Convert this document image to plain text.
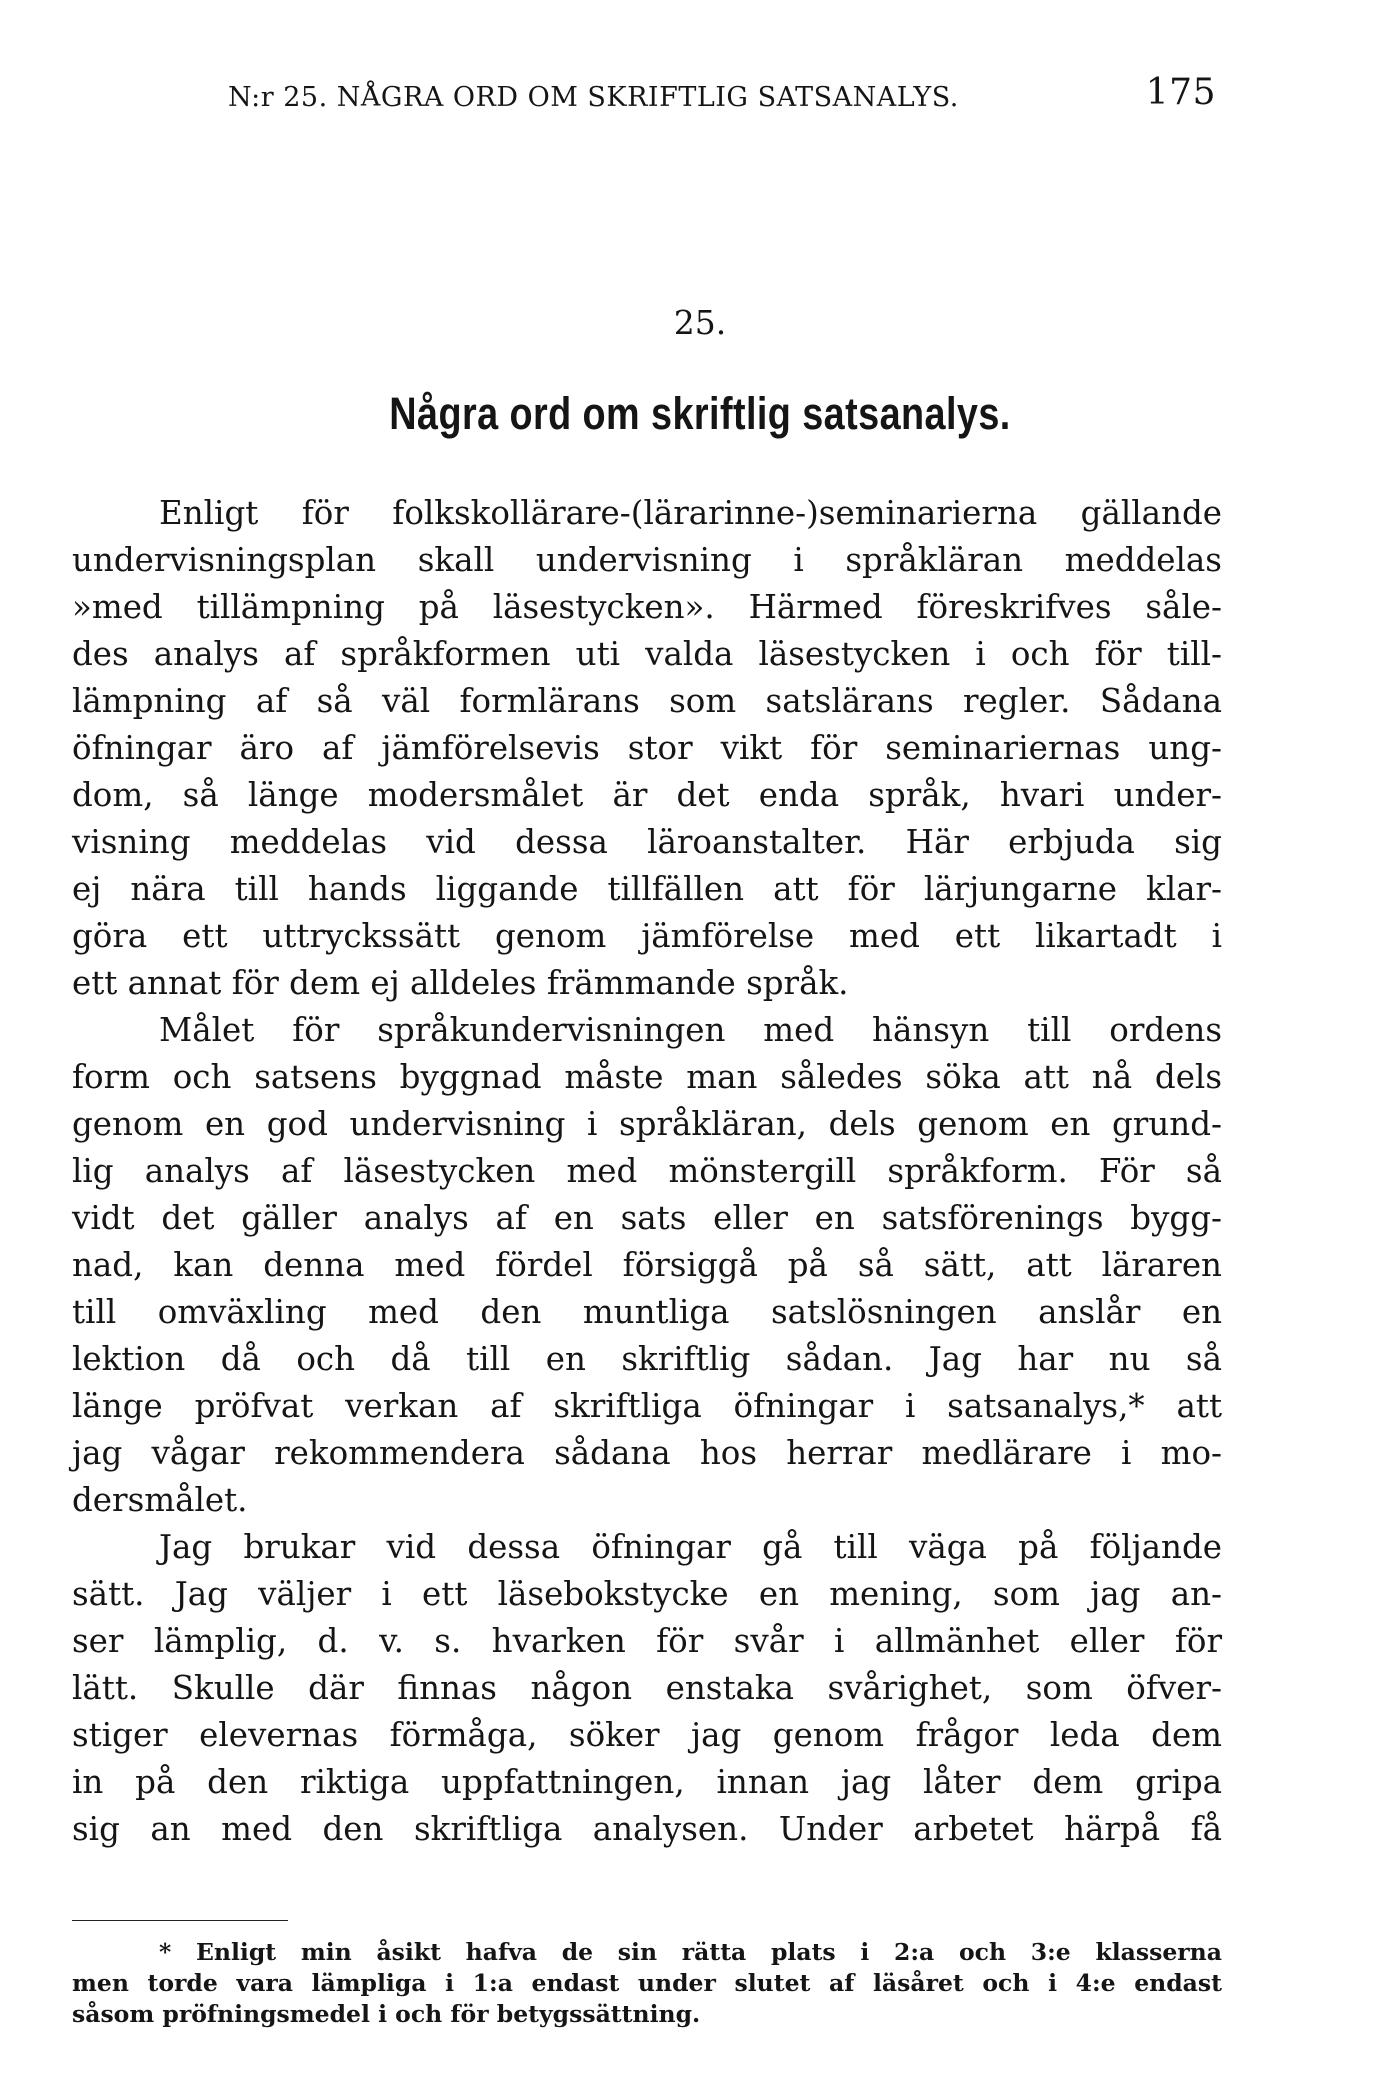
N:r 25. NÅGRA ORD OM SKRIFTLIG SATSANALYS.	175
25.
Några ord om skriftlig satsanalys.

Enligt för folkskollärare-(lärarinne-)seminarierna gällande
undervisningsplan skall undervisning i språkläran meddelas
»med tillämpning på läsestycken». Härmed föreskrifves såle-
des analys af språkformen uti valda läsestycken i och för till-
lämpning af så väl formlärans som satslärans regler. Sådana
öfningar äro af jämförelsevis stor vikt för seminariernas ung-
dom, så länge modersmålet är det enda språk, hvari under-
visning meddelas vid dessa läroanstalter. Här erbjuda sig
ej nära till hands liggande tillfällen att för lärjungarne klar-
göra ett uttryckssätt genom jämförelse med ett likartadt i
ett annat för dem ej alldeles främmande språk.

Målet för språkundervisningen med hänsyn till ordens
form och satsens byggnad måste man således söka att nå dels
genom en god undervisning i språkläran, dels genom en grund-
lig analys af läsestycken med mönstergill språkform. För så
vidt det gäller analys af en sats eller en satsförenings bygg-
nad, kan denna med fördel försiggå på så sätt, att läraren
till omväxling med den muntliga satslösningen anslår en
lektion då och då till en skriftlig sådan. Jag har nu så
länge pröfvat verkan af skriftliga öfningar i satsanalys,* att
jag vågar rekommendera sådana hos herrar medlärare i mo-
dersmålet.

Jag brukar vid dessa öfningar gå till väga på följande
sätt. Jag väljer i ett läsebokstycke en mening, som jag an-
ser lämplig, d. v. s. hvarken för svår i allmänhet eller för
lätt. Skulle där finnas någon enstaka svårighet, som öfver-
stiger elevernas förmåga, söker jag genom frågor leda dem
in på den riktiga uppfattningen, innan jag låter dem gripa
sig an med den skriftliga analysen. Under arbetet härpå få

* Enligt min åsikt hafva de sin rätta plats i 2:a och 3:e klasserna
men torde vara lämpliga i 1:a endast under slutet af läsåret och i 4:e endast
såsom pröfningsmedel i och för betygssättning.
